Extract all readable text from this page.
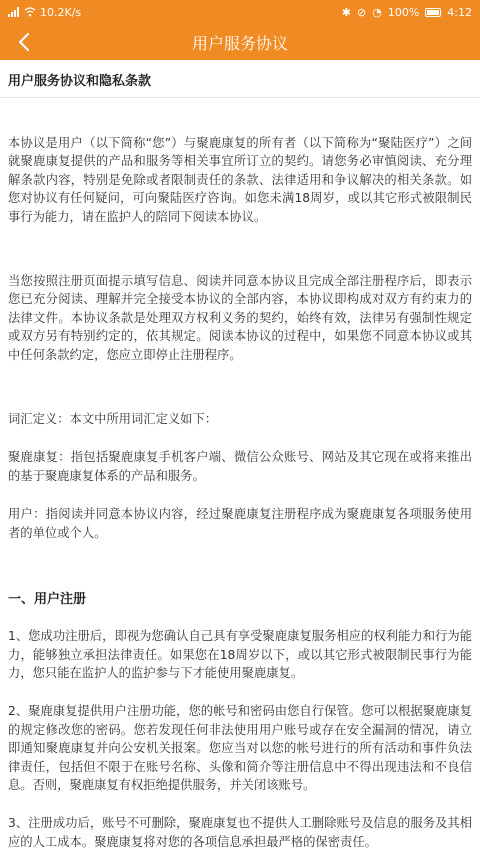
10.2K/s	✱ ⊘ ◔ 100%	4:12
用户服务协议
用户服务协议和隐私条款
本协议是用户（以下简称“您”）与聚鹿康复的所有者（以下简称为“聚陆医疗”）之间就聚鹿康复提供的产品和服务等相关事宜所订立的契约。请您务必审慎阅读、充分理解条款内容，特别是免除或者限制责任的条款、法律适用和争议解决的相关条款。如您对协议有任何疑问，可向聚陆医疗咨询。如您未满18周岁，或以其它形式被限制民事行为能力，请在监护人的陪同下阅读本协议。
当您按照注册页面提示填写信息、阅读并同意本协议且完成全部注册程序后，即表示您已充分阅读、理解并完全接受本协议的全部内容，本协议即构成对双方有约束力的法律文件。本协议条款是处理双方权利义务的契约，始终有效，法律另有强制性规定或双方另有特别约定的，依其规定。阅读本协议的过程中，如果您不同意本协议或其中任何条款约定，您应立即停止注册程序。
词汇定义：本文中所用词汇定义如下：
聚鹿康复：指包括聚鹿康复手机客户端、微信公众账号、网站及其它现在或将来推出的基于聚鹿康复体系的产品和服务。
用户：指阅读并同意本协议内容，经过聚鹿康复注册程序成为聚鹿康复各项服务使用者的单位或个人。
一、用户注册
1、您成功注册后，即视为您确认自己具有享受聚鹿康复服务相应的权利能力和行为能力，能够独立承担法律责任。如果您在18周岁以下，或以其它形式被限制民事行为能力，您只能在监护人的监护参与下才能使用聚鹿康复。
2、聚鹿康复提供用户注册功能，您的帐号和密码由您自行保管。您可以根据聚鹿康复的规定修改您的密码。您若发现任何非法使用用户账号或存在安全漏洞的情况，请立即通知聚鹿康复并向公安机关报案。您应当对以您的帐号进行的所有活动和事件负法律责任，包括但不限于在账号名称、头像和简介等注册信息中不得出现违法和不良信息。否则，聚鹿康复有权拒绝提供服务，并关闭该账号。
3、注册成功后，账号不可删除，聚鹿康复也不提供人工删除账号及信息的服务及其相应的人工成本。聚鹿康复将对您的各项信息承担最严格的保密责任。
